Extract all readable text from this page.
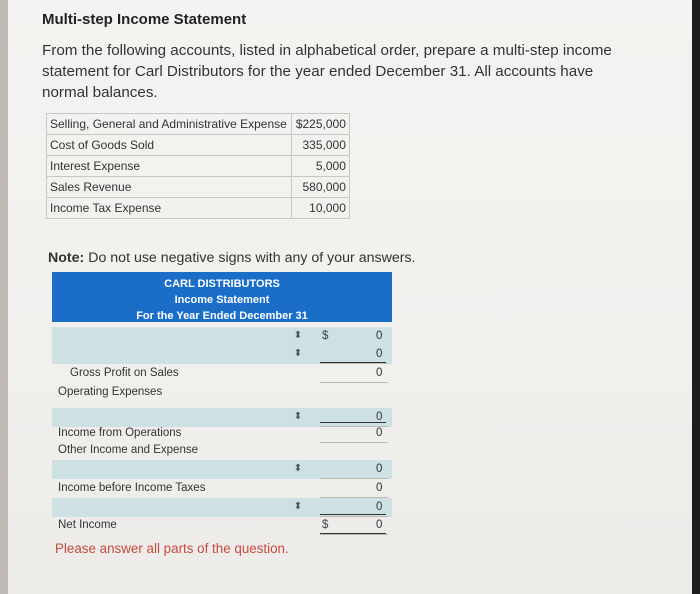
Multi-step Income Statement
From the following accounts, listed in alphabetical order, prepare a multi-step income statement for Carl Distributors for the year ended December 31. All accounts have normal balances.
Selling, General and Administrative Expense	$225,000
Cost of Goods Sold	335,000
Interest Expense	5,000
Sales Revenue	580,000
Income Tax Expense	10,000
Note: Do not use negative signs with any of your answers.
CARL DISTRIBUTORS
Income Statement
For the Year Ended December 31
⬍ $	0
⬍	0
Gross Profit on Sales	0
Operating Expenses
⬍	0
Income from Operations	0
Other Income and Expense
⬍	0
Income before Income Taxes	0
⬍	0
Net Income	$	0
Please answer all parts of the question.
